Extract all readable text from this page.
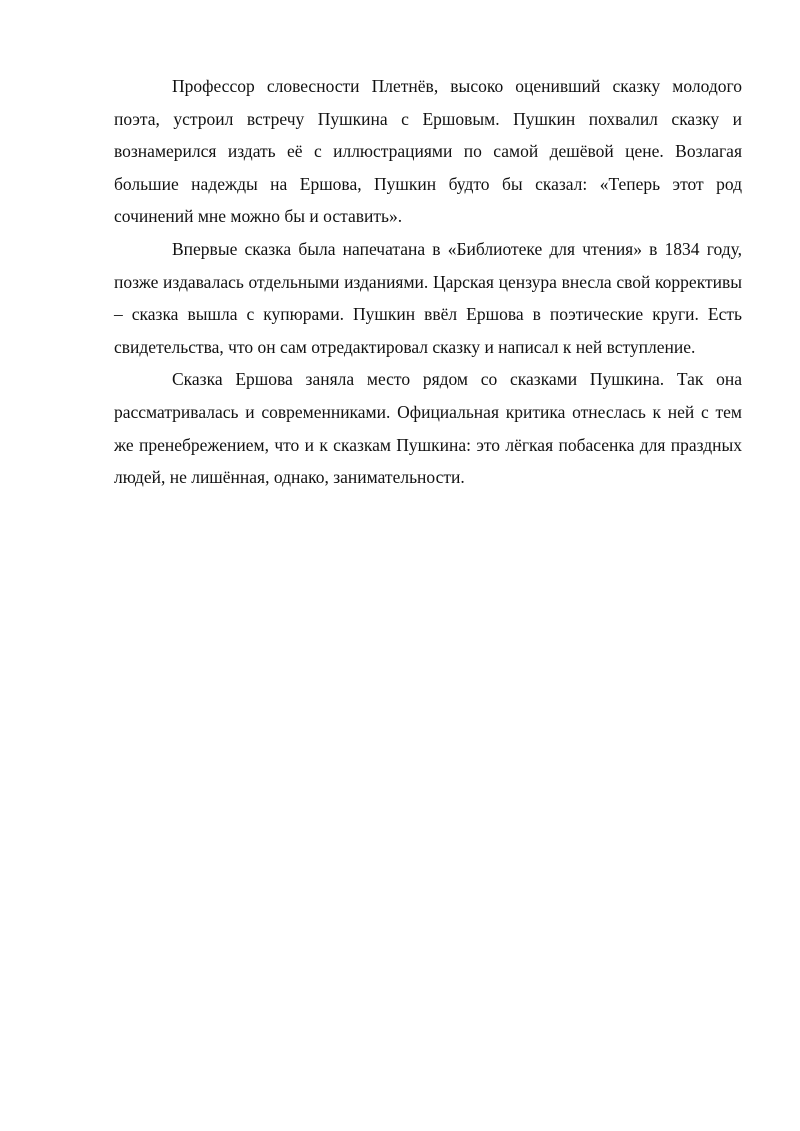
Профессор словесности Плетнёв, высоко оценивший сказку молодого поэта, устроил встречу Пушкина с Ершовым. Пушкин похвалил сказку и вознамерился издать её с иллюстрациями по самой дешёвой цене. Возлагая большие надежды на Ершова, Пушкин будто бы сказал: «Теперь этот род сочинений мне можно бы и оставить».

Впервые сказка была напечатана в «Библиотеке для чтения» в 1834 году, позже издавалась отдельными изданиями. Царская цензура внесла свой коррективы – сказка вышла с купюрами. Пушкин ввёл Ершова в поэтические круги. Есть свидетельства, что он сам отредактировал сказку и написал к ней вступление.

Сказка Ершова заняла место рядом со сказками Пушкина. Так она рассматривалась и современниками. Официальная критика отнеслась к ней с тем же пренебрежением, что и к сказкам Пушкина: это лёгкая побасенка для праздных людей, не лишённая, однако, занимательности.
